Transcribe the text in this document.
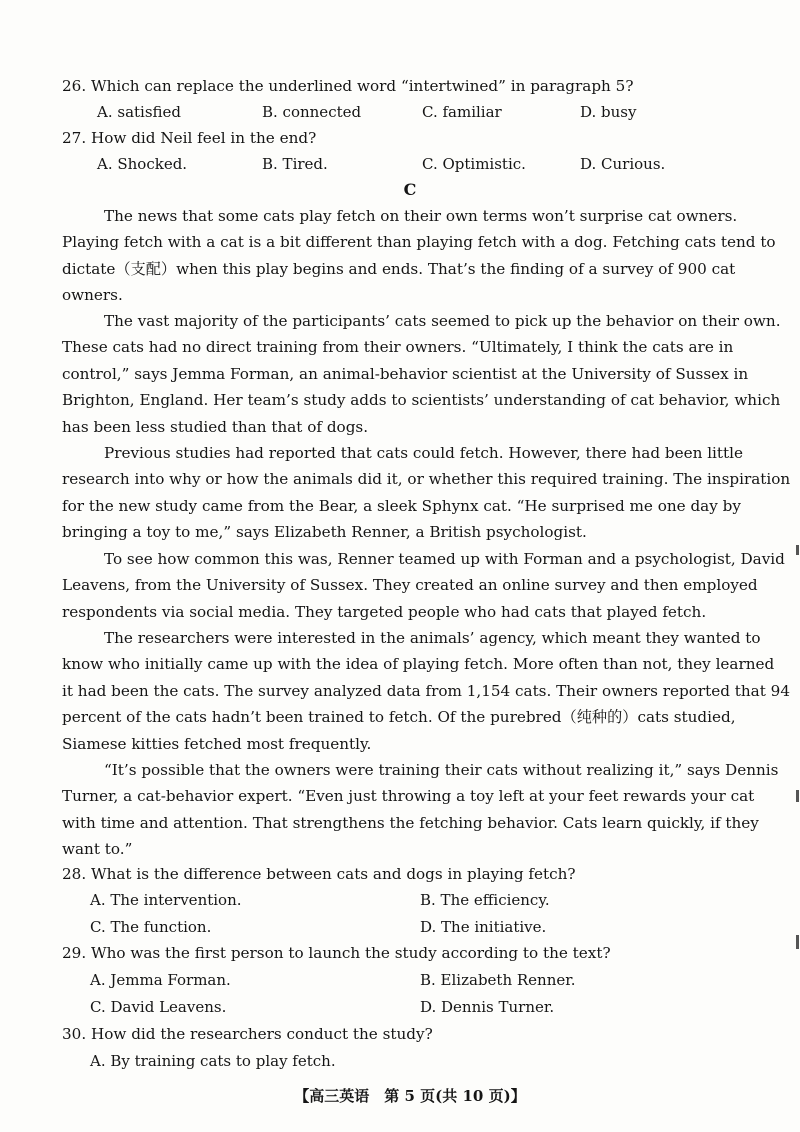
26. Which can replace the underlined word “intertwined” in paragraph 5?
A. satisfied	B. connected	C. familiar	D. busy
27. How did Neil feel in the end?
A. Shocked.	B. Tired.	C. Optimistic.	D. Curious.
C
The news that some cats play fetch on their own terms won’t surprise cat owners.
Playing fetch with a cat is a bit different than playing fetch with a dog. Fetching cats tend to
dictate（支配）when this play begins and ends. That’s the finding of a survey of 900 cat
owners.
The vast majority of the participants’ cats seemed to pick up the behavior on their own.
These cats had no direct training from their owners. “Ultimately, I think the cats are in
control,” says Jemma Forman, an animal-behavior scientist at the University of Sussex in
Brighton, England. Her team’s study adds to scientists’ understanding of cat behavior, which
has been less studied than that of dogs.
Previous studies had reported that cats could fetch. However, there had been little
research into why or how the animals did it, or whether this required training. The inspiration
for the new study came from the Bear, a sleek Sphynx cat. “He surprised me one day by
bringing a toy to me,” says Elizabeth Renner, a British psychologist.
To see how common this was, Renner teamed up with Forman and a psychologist, David
Leavens, from the University of Sussex. They created an online survey and then employed
respondents via social media. They targeted people who had cats that played fetch.
The researchers were interested in the animals’ agency, which meant they wanted to
know who initially came up with the idea of playing fetch. More often than not, they learned
it had been the cats. The survey analyzed data from 1,154 cats. Their owners reported that 94
percent of the cats hadn’t been trained to fetch. Of the purebred（纯种的）cats studied,
Siamese kitties fetched most frequently.
“It’s possible that the owners were training their cats without realizing it,” says Dennis
Turner, a cat-behavior expert. “Even just throwing a toy left at your feet rewards your cat
with time and attention. That strengthens the fetching behavior. Cats learn quickly, if they
want to.”
28. What is the difference between cats and dogs in playing fetch?
A. The intervention.	B. The efficiency.
C. The function.	D. The initiative.
29. Who was the first person to launch the study according to the text?
A. Jemma Forman.	B. Elizabeth Renner.
C. David Leavens.	D. Dennis Turner.
30. How did the researchers conduct the study?
A. By training cats to play fetch.
【高三英语　第 5 页(共 10 页)】
